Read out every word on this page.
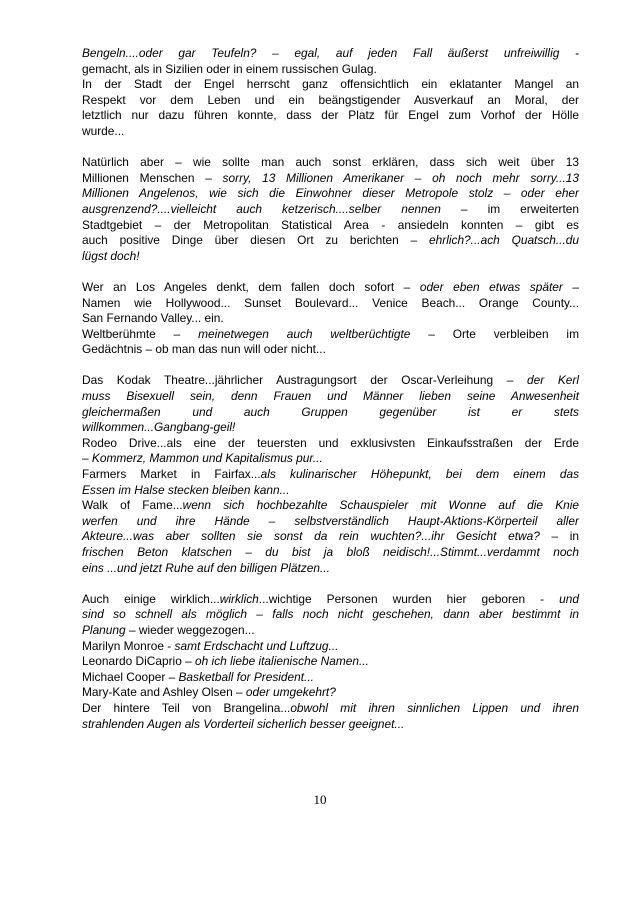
Bengeln....oder gar Teufeln? – egal, auf jeden Fall äußerst unfreiwillig -
gemacht, als in Sizilien oder in einem russischen Gulag.
In der Stadt der Engel herrscht ganz offensichtlich ein eklatanter Mangel an
Respekt vor dem Leben und ein beängstigender Ausverkauf an Moral, der
letztlich nur dazu führen konnte, dass der Platz für Engel zum Vorhof der Hölle
wurde...
Natürlich aber – wie sollte man auch sonst erklären, dass sich weit über 13
Millionen Menschen – sorry, 13 Millionen Amerikaner – oh noch mehr sorry...13
Millionen Angelenos, wie sich die Einwohner dieser Metropole stolz – oder eher
ausgrenzend?....vielleicht auch ketzerisch....selber nennen – im erweiterten
Stadtgebiet – der Metropolitan Statistical Area - ansiedeln konnten – gibt es
auch positive Dinge über diesen Ort zu berichten – ehrlich?...ach Quatsch...du
lügst doch!
Wer an Los Angeles denkt, dem fallen doch sofort – oder eben etwas später –
Namen wie Hollywood... Sunset Boulevard... Venice Beach... Orange County...
San Fernando Valley... ein.
Weltberühmte – meinetwegen auch weltberüchtigte – Orte verbleiben im
Gedächtnis – ob man das nun will oder nicht...
Das Kodak Theatre...jährlicher Austragungsort der Oscar-Verleihung – der Kerl
muss Bisexuell sein, denn Frauen und Männer lieben seine Anwesenheit
gleichermaßen und auch Gruppen gegenüber ist er stets
willkommen...Gangbang-geil!
Rodeo Drive...als eine der teuersten und exklusivsten Einkaufsstraßen der Erde
– Kommerz, Mammon und Kapitalismus pur...
Farmers Market in Fairfax...als kulinarischer Höhepunkt, bei dem einem das
Essen im Halse stecken bleiben kann...
Walk of Fame...wenn sich hochbezahlte Schauspieler mit Wonne auf die Knie
werfen und ihre Hände – selbstverständlich Haupt-Aktions-Körperteil aller
Akteure...was aber sollten sie sonst da rein wuchten?...ihr Gesicht etwa? – in
frischen Beton klatschen – du bist ja bloß neidisch!...Stimmt...verdammt noch
eins ...und jetzt Ruhe auf den billigen Plätzen...
Auch einige wirklich...wirklich...wichtige Personen wurden hier geboren - und
sind so schnell als möglich – falls noch nicht geschehen, dann aber bestimmt in
Planung – wieder weggezogen...
Marilyn Monroe - samt Erdschacht und Luftzug...
Leonardo DiCaprio – oh ich liebe italienische Namen...
Michael Cooper – Basketball for President...
Mary-Kate and Ashley Olsen – oder umgekehrt?
Der hintere Teil von Brangelina...obwohl mit ihren sinnlichen Lippen und ihren
strahlenden Augen als Vorderteil sicherlich besser geeignet...
10
